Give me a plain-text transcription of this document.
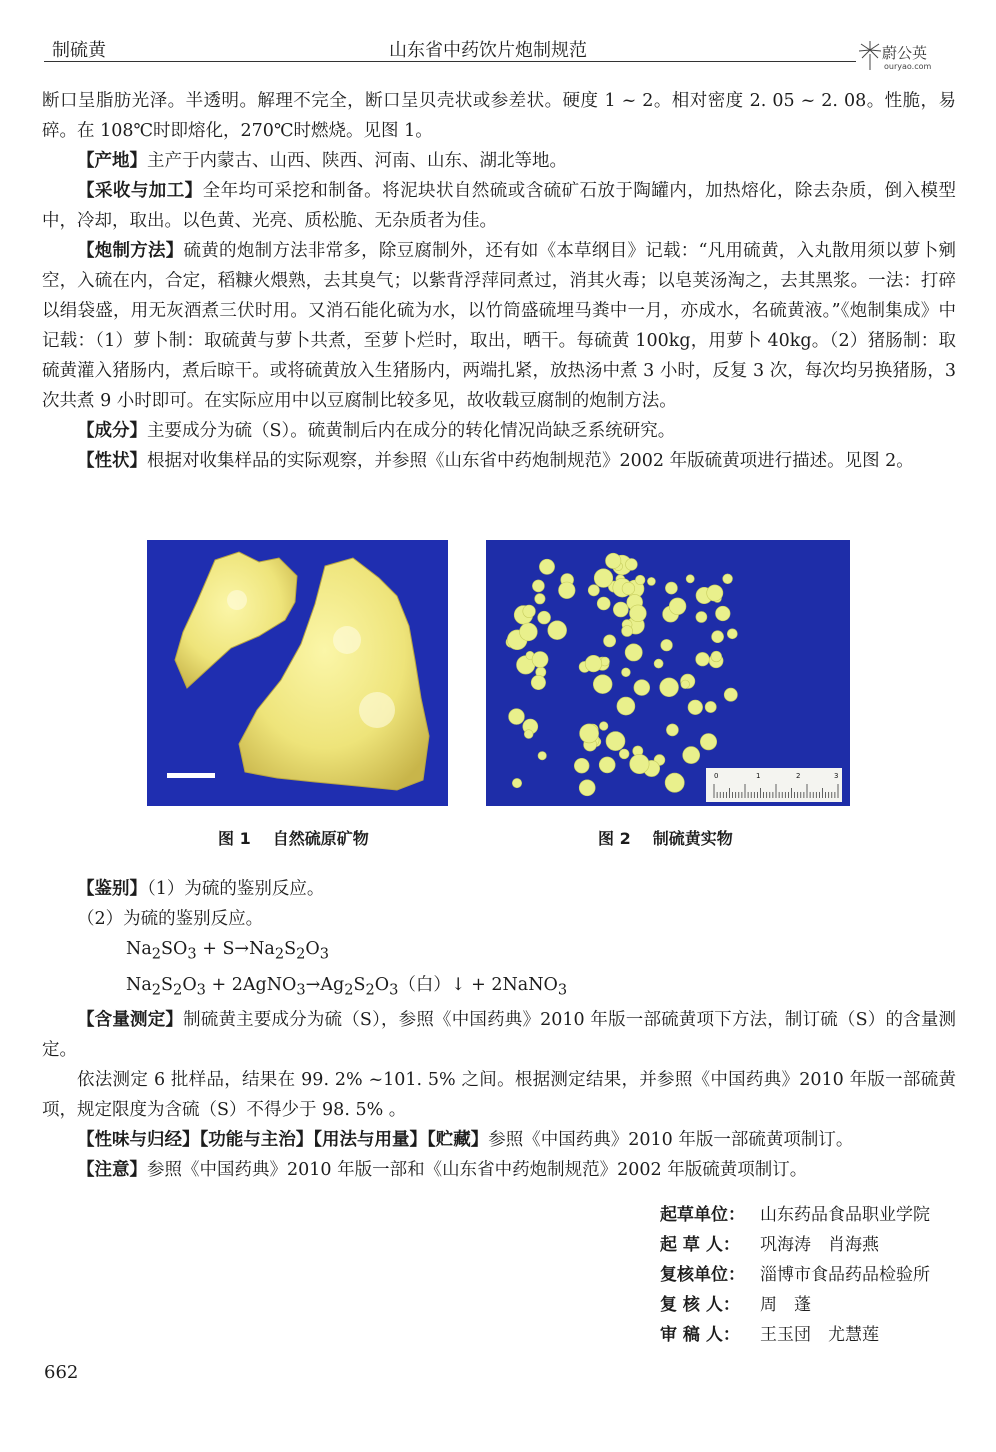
制硫黄	山东省中药饮片炮制规范	蔚公英
ouryao.com

断口呈脂肪光泽。半透明。解理不完全，断口呈贝壳状或参差状。硬度 1 ~ 2。相对密度 2. 05 ~ 2. 08。性脆，易碎。在 108℃时即熔化，270℃时燃烧。见图 1。

【产地】主产于内蒙古、山西、陕西、河南、山东、湖北等地。

【采收与加工】全年均可采挖和制备。将泥块状自然硫或含硫矿石放于陶罐内，加热熔化，除去杂质，倒入模型中，冷却，取出。以色黄、光亮、质松脆、无杂质者为佳。

【炮制方法】硫黄的炮制方法非常多，除豆腐制外，还有如《本草纲目》记载：“凡用硫黄，入丸散用须以萝卜剜空，入硫在内，合定，稻糠火煨熟，去其臭气；以紫背浮萍同煮过，消其火毒；以皂荚汤淘之，去其黑浆。一法：打碎以绢袋盛，用无灰酒煮三伏时用。又消石能化硫为水，以竹筒盛硫埋马粪中一月，亦成水，名硫黄液。”《炮制集成》中记载：（1）萝卜制：取硫黄与萝卜共煮，至萝卜烂时，取出，晒干。每硫黄 100kg，用萝卜 40kg。（2）猪肠制：取硫黄灌入猪肠内，煮后晾干。或将硫黄放入生猪肠内，两端扎紧，放热汤中煮 3 小时，反复 3 次，每次均另换猪肠，3 次共煮 9 小时即可。在实际应用中以豆腐制比较多见，故收载豆腐制的炮制方法。

【成分】主要成分为硫（S）。硫黄制后内在成分的转化情况尚缺乏系统研究。

【性状】根据对收集样品的实际观察，并参照《山东省中药炮制规范》2002 年版硫黄项进行描述。见图 2。

0	1	2	3
图 1 自然硫原矿物	图 2 制硫黄实物

【鉴别】（1）为硫的鉴别反应。

（2）为硫的鉴别反应。

$Na_2SO_3 + S\to Na_2S_2O_3$

$Na_2S_2O_3$ + $2AgNO_3\to Ag_2S_2O_3$（白）↓ + 2NaNO$_3$

【含量测定】制硫黄主要成分为硫（S），参照《中国药典》2010 年版一部硫黄项下方法，制订硫（S）的含量测定。

依法测定 6 批样品，结果在 99. 2% ~101. 5% 之间。根据测定结果，并参照《中国药典》2010 年版一部硫黄项，规定限度为含硫（S）不得少于 98. 5% 。

【性味与归经】【功能与主治】【用法与用量】【贮藏】参照《中国药典》2010 年版一部硫黄项制订。

【注意】参照《中国药典》2010 年版一部和《山东省中药炮制规范》2002 年版硫黄项制订。

起草单位： 山东药品食品职业学院
起 草 人： 巩海涛　肖海燕
复核单位： 淄博市食品药品检验所
复 核 人： 周　蓬
审 稿 人： 王玉団　尤慧莲
662
